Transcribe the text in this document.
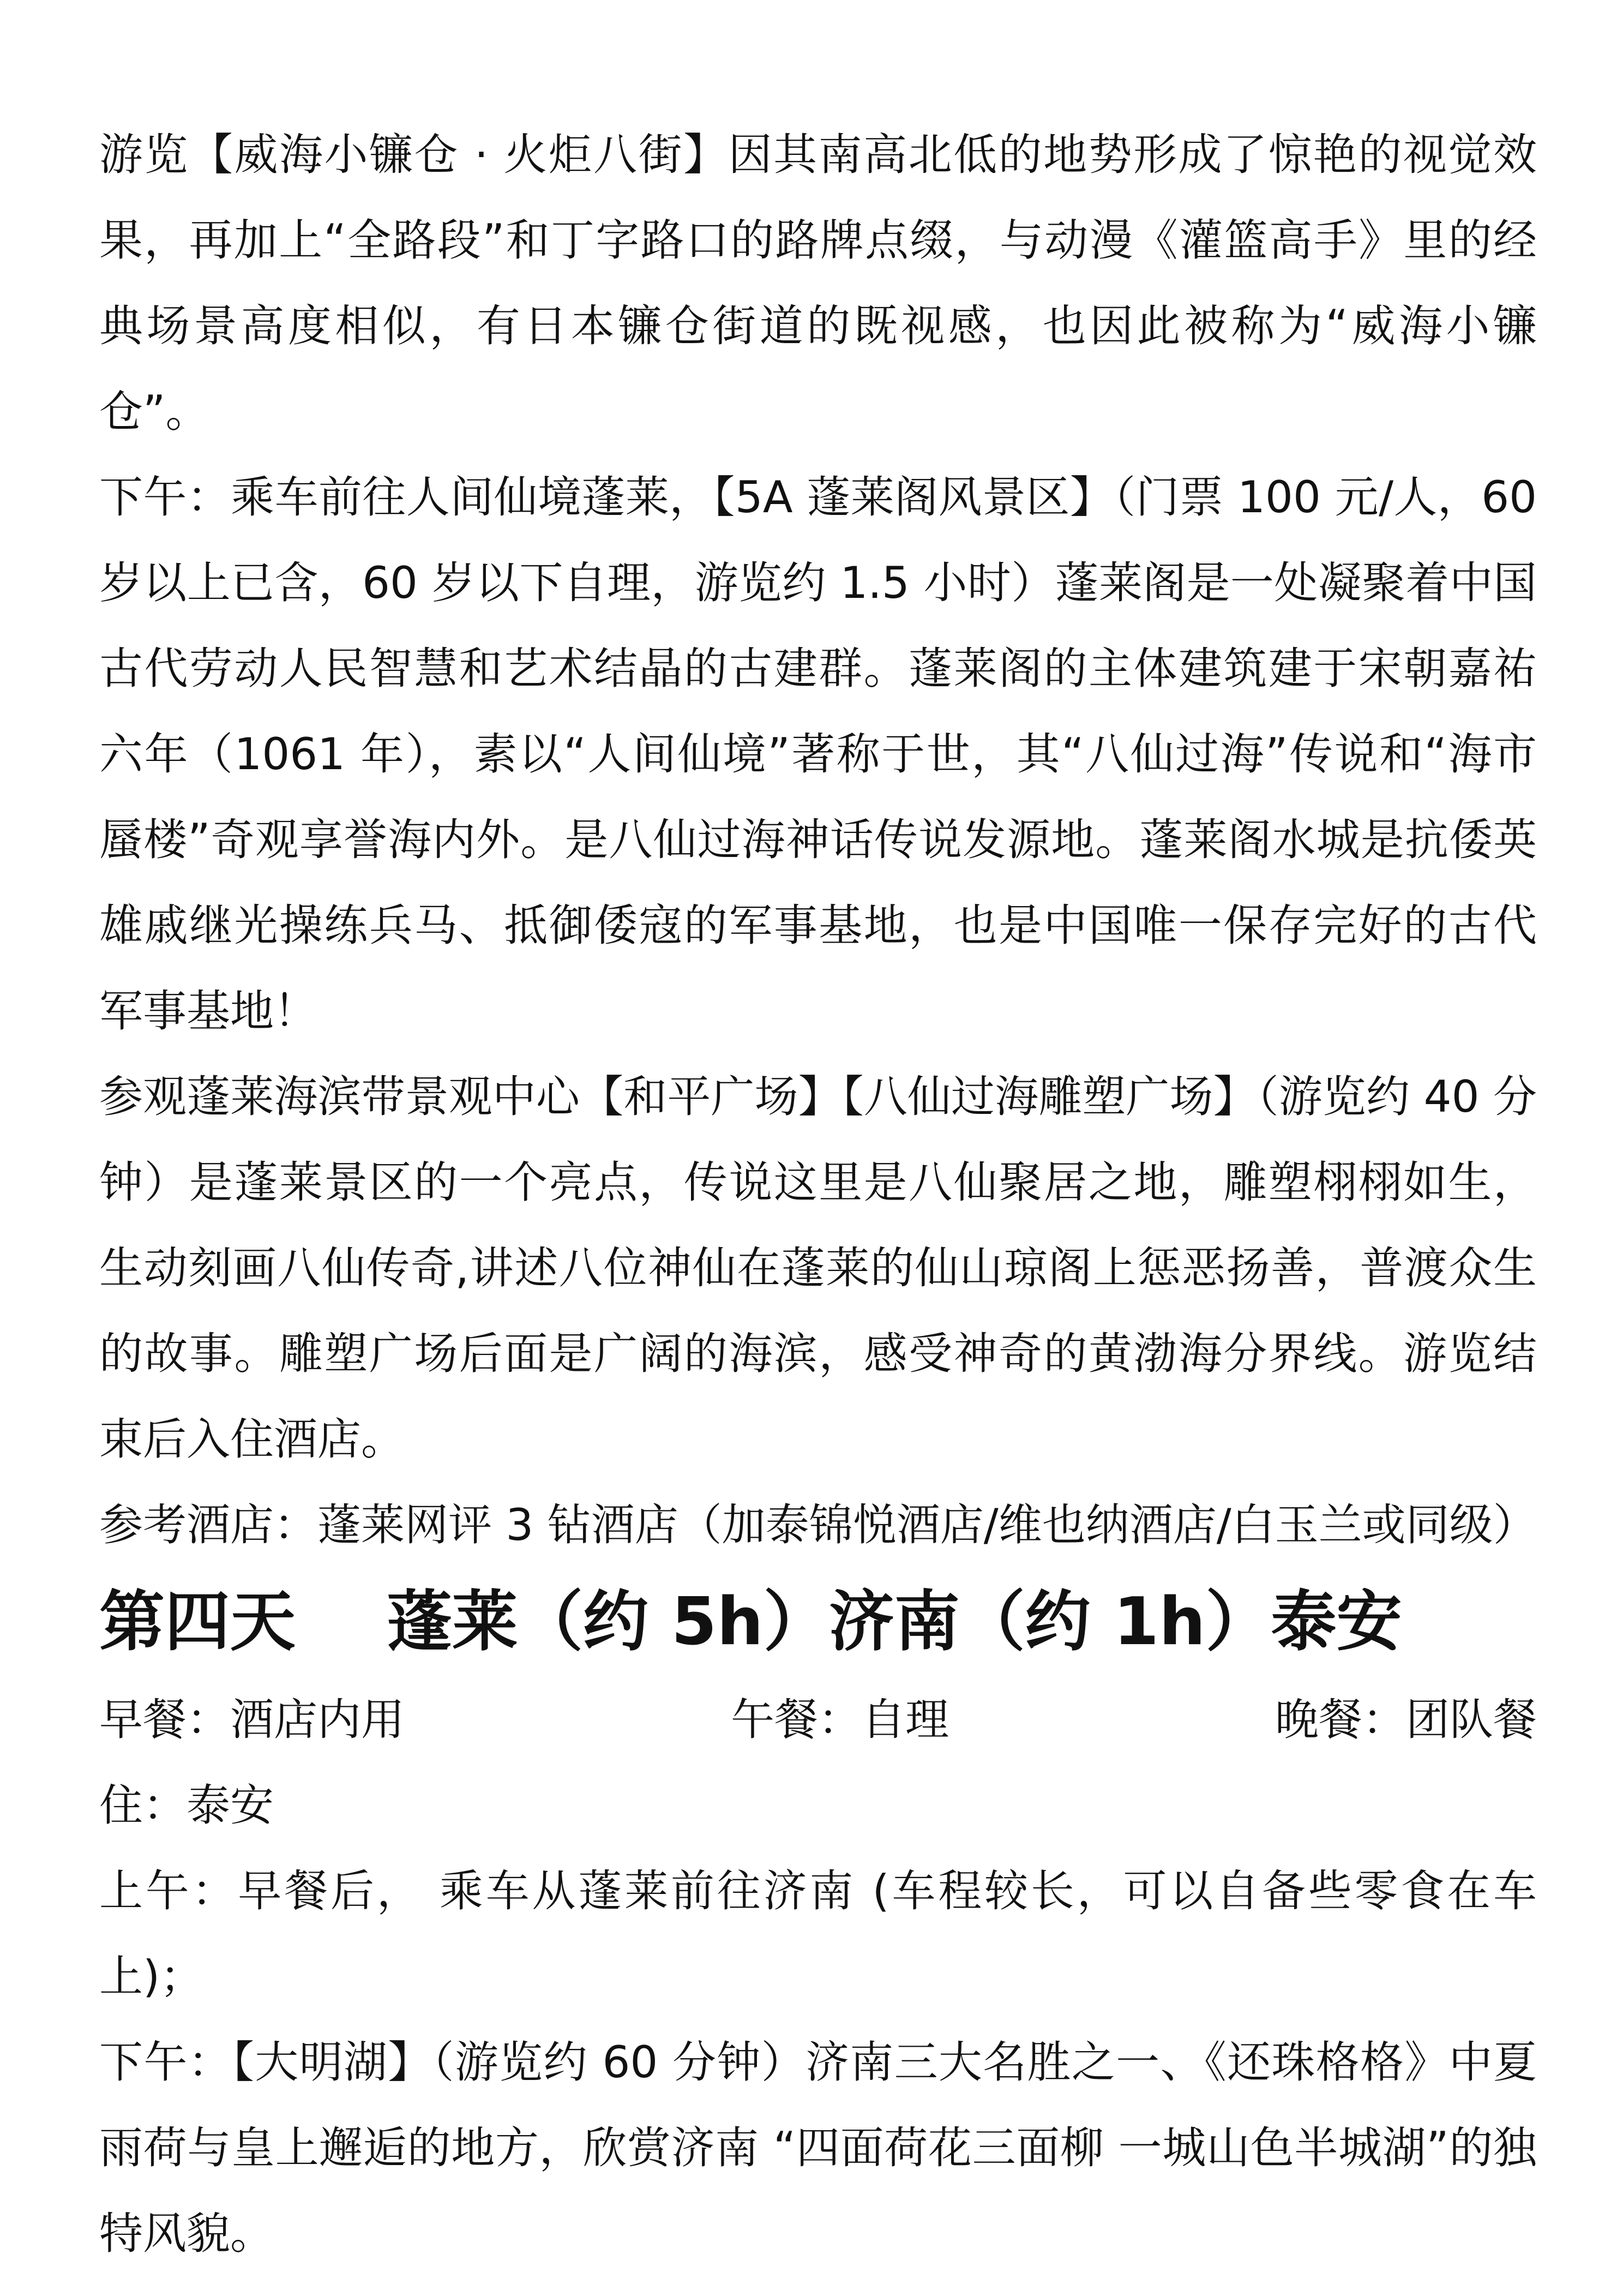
游览【威海小镰仓 · 火炬八街】因其南高北低的地势形成了惊艳的视觉效果，再加上“全路段”和丁字路口的路牌点缀，与动漫《灌篮高手》里的经典场景高度相似，有日本镰仓街道的既视感，也因此被称为“威海小镰仓”。

下午：乘车前往人间仙境蓬莱，【5A 蓬莱阁风景区】（门票 100 元/人，60 岁以上已含，60 岁以下自理，游览约 1.5 小时）蓬莱阁是一处凝聚着中国古代劳动人民智慧和艺术结晶的古建群。蓬莱阁的主体建筑建于宋朝嘉祐六年（1061 年），素以“人间仙境”著称于世，其“八仙过海”传说和“海市蜃楼”奇观享誉海内外。是八仙过海神话传说发源地。蓬莱阁水城是抗倭英雄戚继光操练兵马、抵御倭寇的军事基地，也是中国唯一保存完好的古代军事基地！

参观蓬莱海滨带景观中心【和平广场】【八仙过海雕塑广场】（游览约 40 分钟）是蓬莱景区的一个亮点，传说这里是八仙聚居之地，雕塑栩栩如生，生动刻画八仙传奇,讲述八位神仙在蓬莱的仙山琼阁上惩恶扬善，普渡众生的故事。雕塑广场后面是广阔的海滨，感受神奇的黄渤海分界线。游览结束后入住酒店。

参考酒店：蓬莱网评 3 钻酒店（加泰锦悦酒店/维也纳酒店/白玉兰或同级）

第四天    蓬莱（约 5h）济南（约 1h）泰安
早餐：酒店内用	午餐：自理	晚餐：团队餐

住：泰安

上午：早餐后， 乘车从蓬莱前往济南 (车程较长，可以自备些零食在车上)；

下午：【大明湖】（游览约 60 分钟）济南三大名胜之一、《还珠格格》中夏雨荷与皇上邂逅的地方，欣赏济南 “四面荷花三面柳 一城山色半城湖”的独特风貌。
